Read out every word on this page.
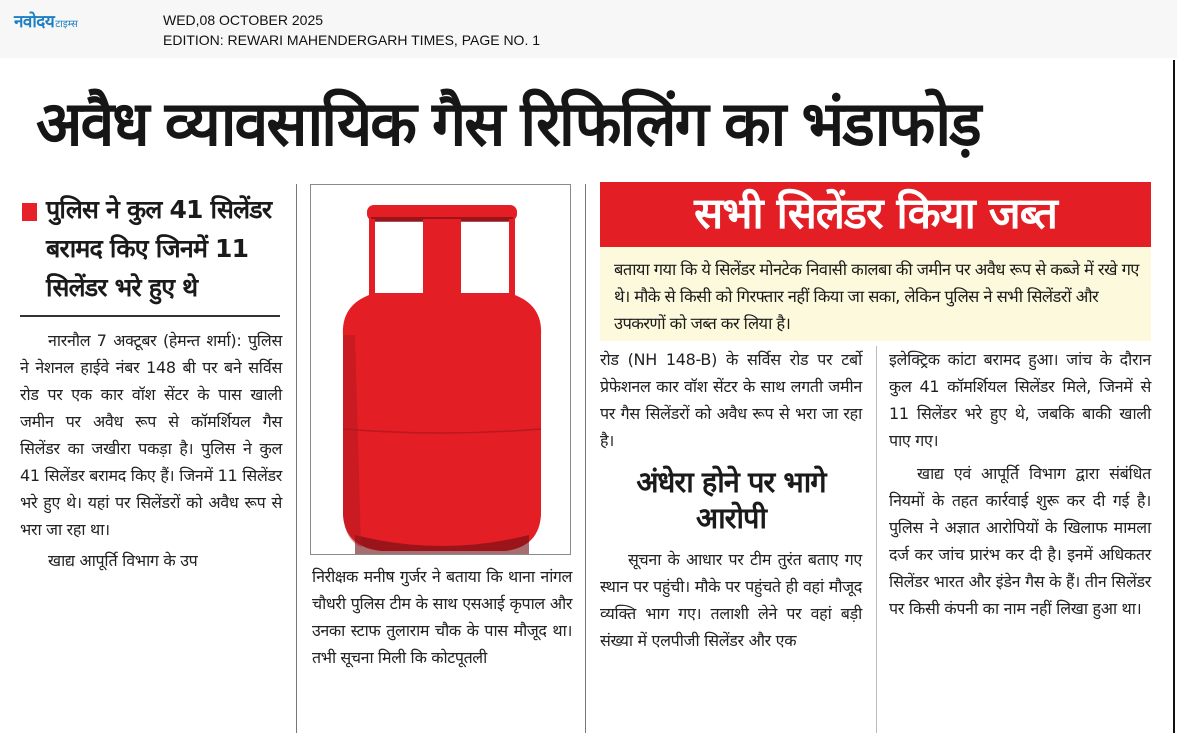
नवोदय टाइम्स	WED,08 OCTOBER 2025
EDITION: REWARI MAHENDERGARH TIMES, PAGE NO. 1
अवैध व्यावसायिक गैस रिफिलिंग का भंडाफोड़
पुलिस ने कुल 41 सिलेंडर बरामद किए जिनमें 11 सिलेंडर भरे हुए थे

नारनौल 7 अक्टूबर (हेमन्त शर्मा): पुलिस ने नेशनल हाईवे नंबर 148 बी पर बने सर्विस रोड पर एक कार वॉश सेंटर के पास खाली जमीन पर अवैध रूप से कॉमर्शियल गैस सिलेंडर का जखीरा पकड़ा है। पुलिस ने कुल 41 सिलेंडर बरामद किए हैं। जिनमें 11 सिलेंडर भरे हुए थे। यहां पर सिलेंडरों को अवैध रूप से भरा जा रहा था।

खाद्य आपूर्ति विभाग के उप

निरीक्षक मनीष गुर्जर ने बताया कि थाना नांगल चौधरी पुलिस टीम के साथ एसआई कृपाल और उनका स्टाफ तुलाराम चौक के पास मौजूद था। तभी सूचना मिली कि कोटपूतली
सभी सिलेंडर किया जब्त
बताया गया कि ये सिलेंडर मोनटेक निवासी कालबा की जमीन पर अवैध रूप से कब्जे में रखे गए थे। मौके से किसी को गिरफ्तार नहीं किया जा सका, लेकिन पुलिस ने सभी सिलेंडरों और उपकरणों को जब्त कर लिया है।

रोड (NH 148-B) के सर्विस रोड पर टर्बो प्रेफेशनल कार वॉश सेंटर के साथ लगती जमीन पर गैस सिलेंडरों को अवैध रूप से भरा जा रहा है।

अंधेरा होने पर भागे आरोपी

सूचना के आधार पर टीम तुरंत बताए गए स्थान पर पहुंची। मौके पर पहुंचते ही वहां मौजूद व्यक्ति भाग गए। तलाशी लेने पर वहां बड़ी संख्या में एलपीजी सिलेंडर और एक

इलेक्ट्रिक कांटा बरामद हुआ। जांच के दौरान कुल 41 कॉमर्शियल सिलेंडर मिले, जिनमें से 11 सिलेंडर भरे हुए थे, जबकि बाकी खाली पाए गए।

खाद्य एवं आपूर्ति विभाग द्वारा संबंधित नियमों के तहत कार्रवाई शुरू कर दी गई है। पुलिस ने अज्ञात आरोपियों के खिलाफ मामला दर्ज कर जांच प्रारंभ कर दी है। इनमें अधिकतर सिलेंडर भारत और इंडेन गैस के हैं। तीन सिलेंडर पर किसी कंपनी का नाम नहीं लिखा हुआ था।
